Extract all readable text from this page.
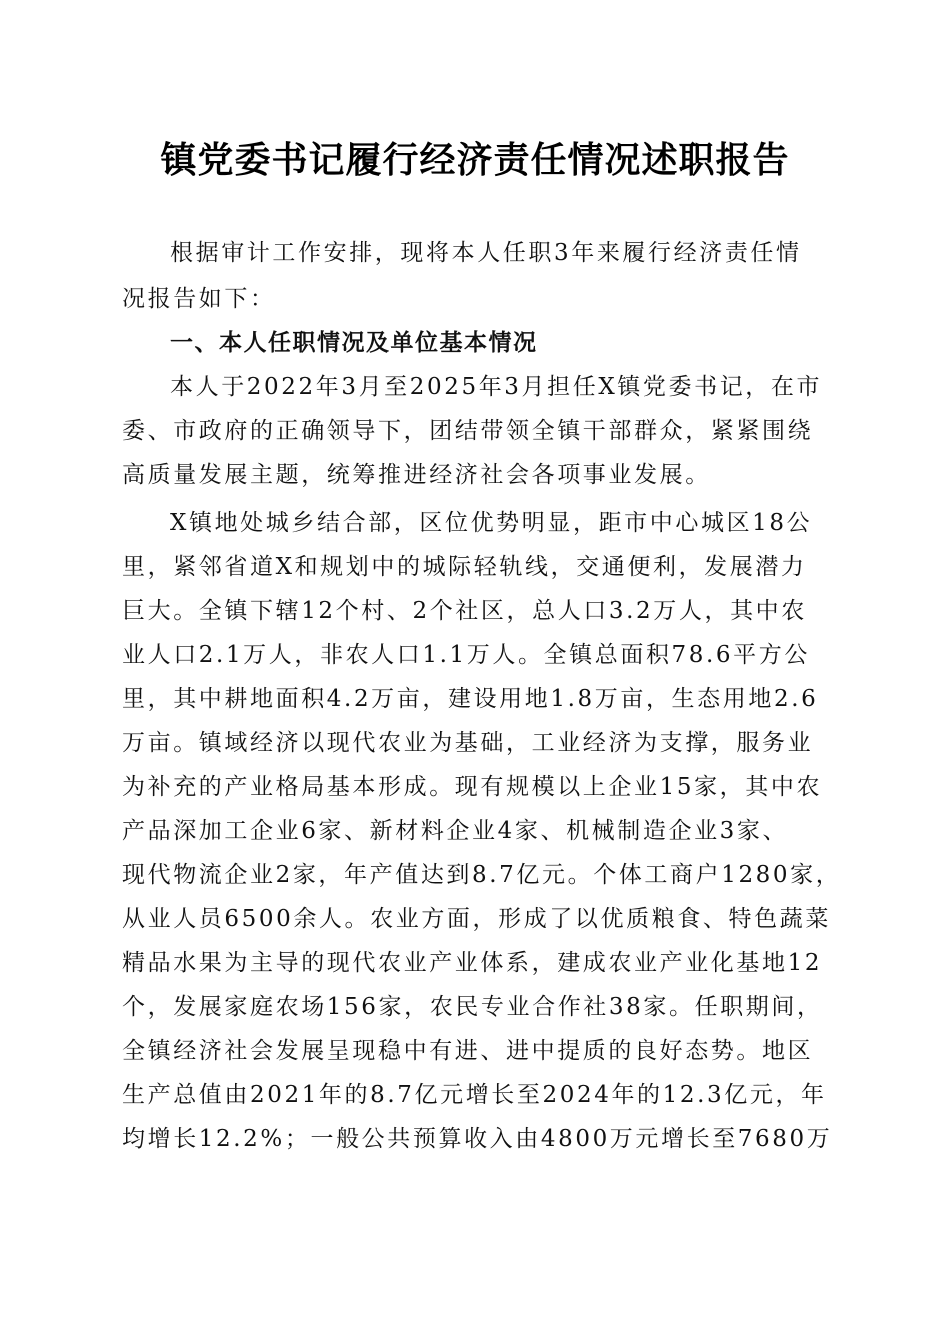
镇党委书记履行经济责任情况述职报告
根据审计工作安排，现将本人任职3年来履行经济责任情
况报告如下：
一、本人任职情况及单位基本情况
本人于2022年3月至2025年3月担任X镇党委书记，在市
委、市政府的正确领导下，团结带领全镇干部群众，紧紧围绕
高质量发展主题，统筹推进经济社会各项事业发展。
X镇地处城乡结合部，区位优势明显，距市中心城区18公
里，紧邻省道X和规划中的城际轻轨线，交通便利，发展潜力
巨大。全镇下辖12个村、2个社区，总人口3.2万人，其中农
业人口2.1万人，非农人口1.1万人。全镇总面积78.6平方公
里，其中耕地面积4.2万亩，建设用地1.8万亩，生态用地2.6
万亩。镇域经济以现代农业为基础，工业经济为支撑，服务业
为补充的产业格局基本形成。现有规模以上企业15家，其中农
产品深加工企业6家、新材料企业4家、机械制造企业3家、
现代物流企业2家，年产值达到8.7亿元。个体工商户1280家，
从业人员6500余人。农业方面，形成了以优质粮食、特色蔬菜
精品水果为主导的现代农业产业体系，建成农业产业化基地12
个，发展家庭农场156家，农民专业合作社38家。任职期间，
全镇经济社会发展呈现稳中有进、进中提质的良好态势。地区
生产总值由2021年的8.7亿元增长至2024年的12.3亿元，年
均增长12.2%；一般公共预算收入由4800万元增长至7680万
